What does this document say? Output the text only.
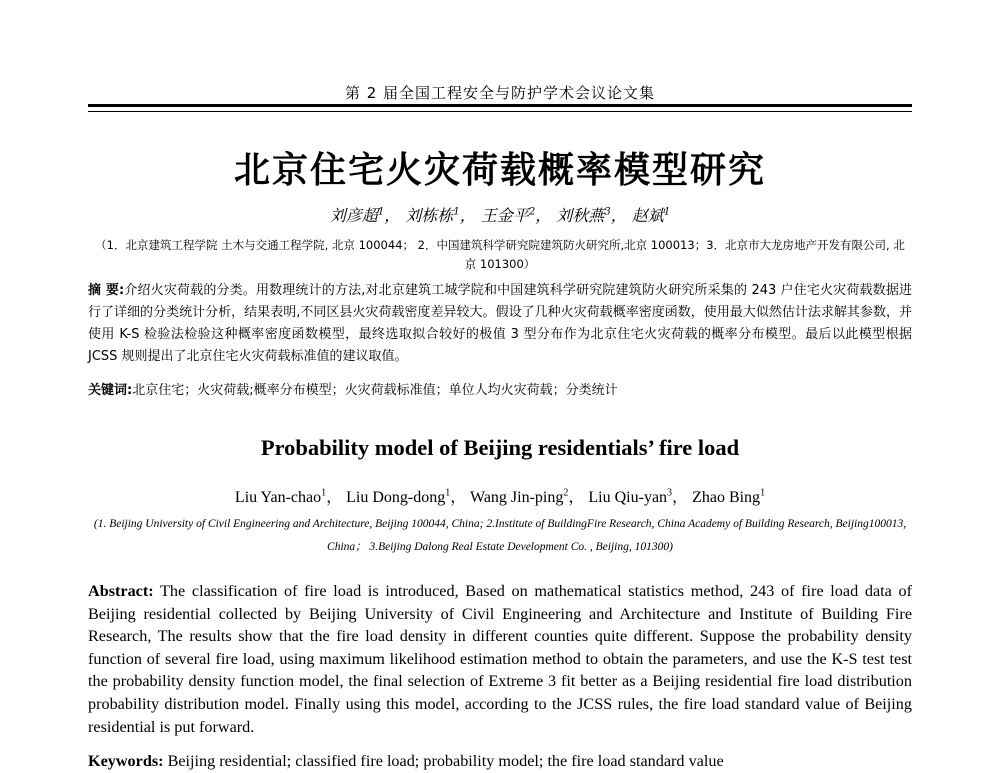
第 2 届全国工程安全与防护学术会议论文集
北京住宅火灾荷载概率模型研究
刘彦超$^1$， 刘栋栋$^1$， 王金平$^2$， 刘秋燕$^3$， 赵斌$^1$
（1．北京建筑工程学院 土木与交通工程学院, 北京 100044； 2．中国建筑科学研究院建筑防火研究所,北京 100013；3．北京市大龙房地产开发有限公司, 北京 101300）
摘 要:介绍火灾荷载的分类。用数理统计的方法,对北京建筑工城学院和中国建筑科学研究院建筑防火研究所采集的 243 户住宅火灾荷载数据进行了详细的分类统计分析，结果表明,不同区县火灾荷载密度差异较大。假设了几种火灾荷载概率密度函数，使用最大似然估计法求解其参数，并使用 K-S 检验法检验这种概率密度函数模型，最终选取拟合较好的极值 3 型分布作为北京住宅火灾荷载的概率分布模型。最后以此模型根据 JCSS 规则提出了北京住宅火灾荷载标准值的建议取值。
关键词:北京住宅；火灾荷载;概率分布模型；火灾荷载标准值；单位人均火灾荷载；分类统计
Probability model of Beijing residentials’ fire load
Liu Yan-chao$^1$， Liu Dong-dong$^1$， Wang Jin-ping$^2$， Liu Qiu-yan$^3$， Zhao Bing$^1$
(1. Beijing University of Civil Engineering and Architecture, Beijing 100044, China; 2.Institute of BuildingFire Research, China Academy of Building Research, Beijing100013, China； 3.Beijing Dalong Real Estate Development Co. , Beijing, 101300)
Abstract: The classification of fire load is introduced, Based on mathematical statistics method, 243 of fire load data of Beijing residential collected by Beijing University of Civil Engineering and Architecture and Institute of Building Fire Research, The results show that the fire load density in different counties quite different. Suppose the probability density function of several fire load, using maximum likelihood estimation method to obtain the parameters, and use the K-S test test the probability density function model, the final selection of Extreme 3 fit better as a Beijing residential fire load distribution probability distribution model. Finally using this model, according to the JCSS rules, the fire load standard value of Beijing residential is put forward.
Keywords: Beijing residential; classified fire load; probability model; the fire load standard value
